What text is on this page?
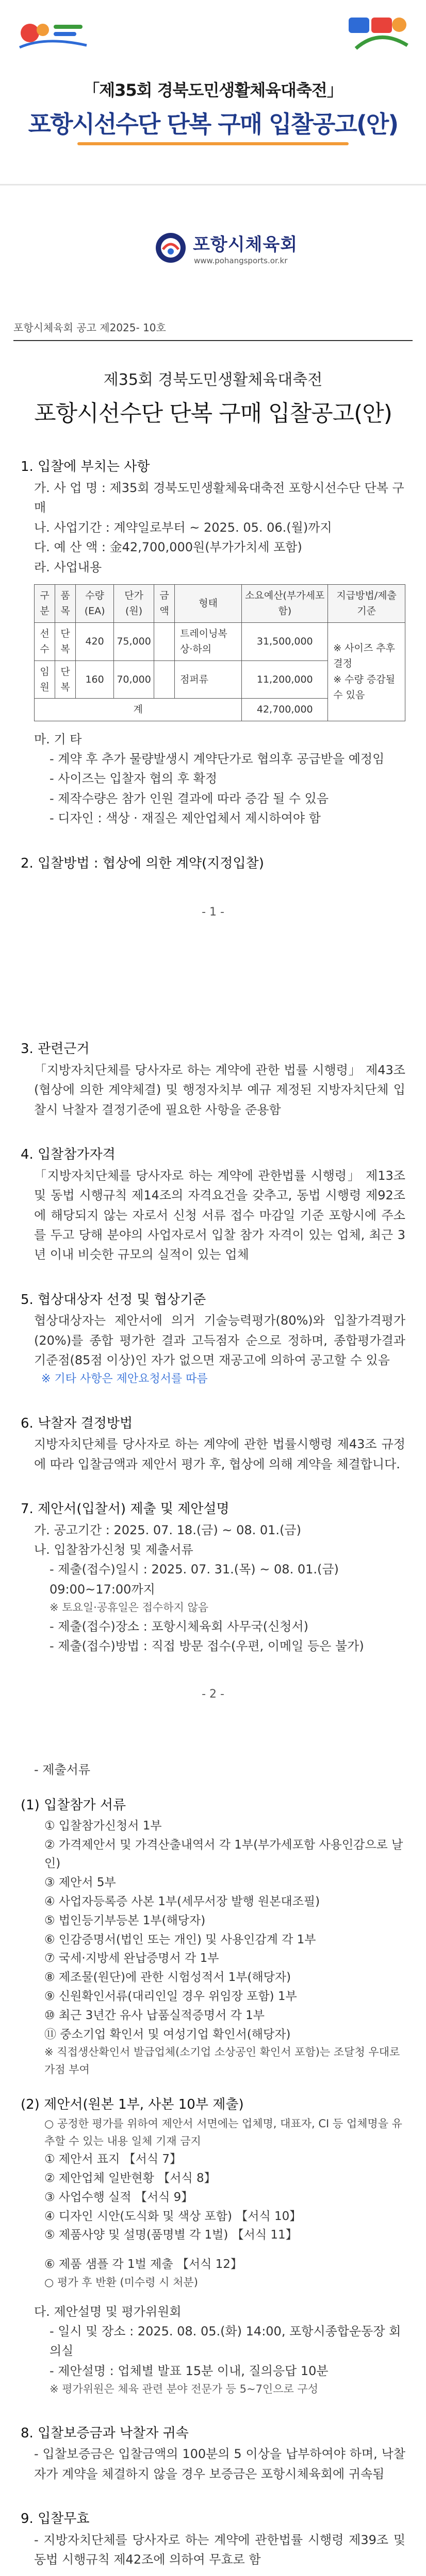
「제35회 경북도민생활체육대축전」
포항시선수단 단복 구매 입찰공고(안)
포항시체육회
www.pohangsports.or.kr
포항시체육회 공고 제2025- 10호
제35회 경북도민생활체육대축전
포항시선수단 단복 구매 입찰공고(안)
1. 입찰에 부치는 사항
가. 사 업 명 : 제35회 경북도민생활체육대축전 포항시선수단 단복 구매
나. 사업기간 : 계약일로부터 ~ 2025. 05. 06.(월)까지
다. 예 산 액 : 金42,700,000원(부가가치세 포함)
라. 사업내용
구분	품목	수량(EA)	단가(원)	금액	형태	소요예산(부가세포함)	지급방법/제출 기준
선수	단복	420	75,000		트레이닝복 상·하의	31,500,000	※ 사이즈 추후 결정
※ 수량 증감될 수 있음

임원	단복	160	70,000		점퍼류	11,200,000	
계						42,700,000	
마. 기 타
- 계약 후 추가 물량발생시 계약단가로 협의후 공급받을 예정임
- 사이즈는 입찰자 협의 후 확정
- 제작수량은 참가 인원 결과에 따라 증감 될 수 있음
- 디자인 : 색상 · 재질은 제안업체서 제시하여야 함
2. 입찰방법 : 협상에 의한 계약(지정입찰)
- 1 -
3. 관련근거
「지방자치단체를 당사자로 하는 계약에 관한 법률 시행령」 제43조 (협상에 의한 계약체결) 및 행정자치부 예규 제정된 지방자치단체 입찰시 낙찰자 결정기준에 필요한 사항을 준용함
4. 입찰참가자격
「지방자치단체를 당사자로 하는 계약에 관한법률 시행령」 제13조 및 동법 시행규칙 제14조의 자격요건을 갖추고, 동법 시행령 제92조에 해당되지 않는 자로서 신청 서류 접수 마감일 기준 포항시에 주소를 두고 당해 분야의 사업자로서 입찰 참가 자격이 있는 업체, 최근 3년 이내 비슷한 규모의 실적이 있는 업체
5. 협상대상자 선정 및 협상기준
협상대상자는 제안서에 의거 기술능력평가(80%)와 입찰가격평가(20%)를 종합 평가한 결과 고득점자 순으로 정하며, 종합평가결과 기준점(85점 이상)인 자가 없으면 재공고에 의하여 공고할 수 있음
※ 기타 사항은 제안요청서를 따름
6. 낙찰자 결정방법
지방자치단체를 당사자로 하는 계약에 관한 법률시행령 제43조 규정에 따라 입찰금액과 제안서 평가 후, 협상에 의해 계약을 체결합니다.
7. 제안서(입찰서) 제출 및 제안설명
가. 공고기간 : 2025. 07. 18.(금) ~ 08. 01.(금)
나. 입찰참가신청 및 제출서류
- 제출(접수)일시 : 2025. 07. 31.(목) ~ 08. 01.(금) 09:00~17:00까지
※ 토요일·공휴일은 접수하지 않음
- 제출(접수)장소 : 포항시체육회 사무국(신청서)
- 제출(접수)방법 : 직접 방문 접수(우편, 이메일 등은 불가)
- 2 -
- 제출서류
(1) 입찰참가 서류
① 입찰참가신청서 1부
② 가격제안서 및 가격산출내역서 각 1부(부가세포함 사용인감으로 날인)
③ 제안서 5부
④ 사업자등록증 사본 1부(세무서장 발행 원본대조필)
⑤ 법인등기부등본 1부(해당자)
⑥ 인감증명서(법인 또는 개인) 및 사용인감계 각 1부
⑦ 국세·지방세 완납증명서 각 1부
⑧ 제조물(원단)에 관한 시험성적서 1부(해당자)
⑨ 신원확인서류(대리인일 경우 위임장 포함) 1부
⑩ 최근 3년간 유사 납품실적증명서 각 1부
⑪ 중소기업 확인서 및 여성기업 확인서(해당자)
※ 직접생산확인서 발급업체(소기업 소상공인 확인서 포함)는 조달청 우대로 가점 부여
(2) 제안서(원본 1부, 사본 10부 제출)
○ 공정한 평가를 위하여 제안서 서면에는 업체명, 대표자, CI 등 업체명을 유추할 수 있는 내용 일체 기재 금지
① 제안서 표지 【서식 7】
② 제안업체 일반현황 【서식 8】
③ 사업수행 실적 【서식 9】
④ 디자인 시안(도식화 및 색상 포함) 【서식 10】
⑤ 제품사양 및 설명(품명별 각 1벌) 【서식 11】
⑥ 제품 샘플 각 1벌 제출 【서식 12】
○ 평가 후 반환 (미수령 시 처분)
다. 제안설명 및 평가위원회
- 일시 및 장소 : 2025. 08. 05.(화) 14:00, 포항시종합운동장 회의실
- 제안설명 : 업체별 발표 15분 이내, 질의응답 10분
※ 평가위원은 체육 관련 분야 전문가 등 5~7인으로 구성
8. 입찰보증금과 낙찰자 귀속
- 입찰보증금은 입찰금액의 100분의 5 이상을 납부하여야 하며, 낙찰자가 계약을 체결하지 않을 경우 보증금은 포항시체육회에 귀속됨
9. 입찰무효
- 지방자치단체를 당사자로 하는 계약에 관한법률 시행령 제39조 및 동법 시행규칙 제42조에 의하여 무효로 함
